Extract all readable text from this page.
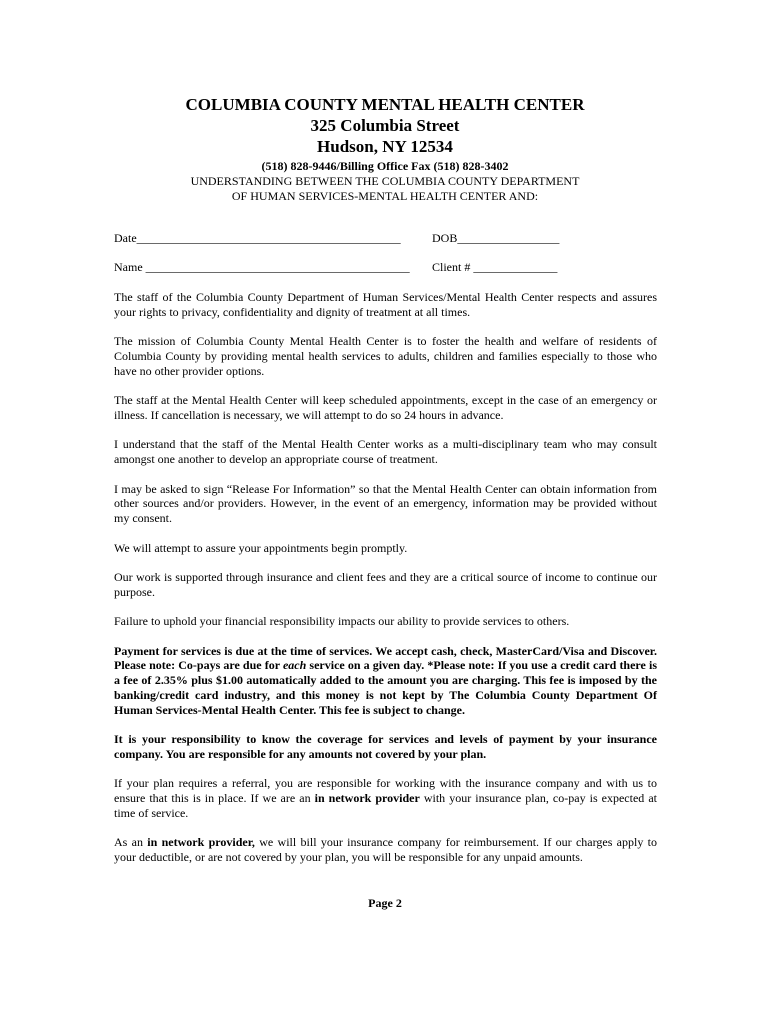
COLUMBIA COUNTY MENTAL HEALTH CENTER
325 Columbia Street
Hudson, NY 12534
(518) 828-9446/Billing Office Fax (518) 828-3402
UNDERSTANDING BETWEEN THE COLUMBIA COUNTY DEPARTMENT
OF HUMAN SERVICES-MENTAL HEALTH CENTER AND:
Date____________________________________________	DOB_________________
Name ____________________________________________ Client # ______________

The staff of the Columbia County Department of Human Services/Mental Health Center respects and assures your rights to privacy, confidentiality and dignity of treatment at all times.

The mission of Columbia County Mental Health Center is to foster the health and welfare of residents of Columbia County by providing mental health services to adults, children and families especially to those who have no other provider options.

The staff at the Mental Health Center will keep scheduled appointments, except in the case of an emergency or illness. If cancellation is necessary, we will attempt to do so 24 hours in advance.

I understand that the staff of the Mental Health Center works as a multi-disciplinary team who may consult amongst one another to develop an appropriate course of treatment.

I may be asked to sign “Release For Information” so that the Mental Health Center can obtain information from other sources and/or providers. However, in the event of an emergency, information may be provided without my consent.

We will attempt to assure your appointments begin promptly.

Our work is supported through insurance and client fees and they are a critical source of income to continue our purpose.

Failure to uphold your financial responsibility impacts our ability to provide services to others.

Payment for services is due at the time of services. We accept cash, check, MasterCard/Visa and Discover. Please note: Co-pays are due for each service on a given day. *Please note: If you use a credit card there is a fee of 2.35% plus $1.00 automatically added to the amount you are charging. This fee is imposed by the banking/credit card industry, and this money is not kept by The Columbia County Department Of Human Services-Mental Health Center. This fee is subject to change.

It is your responsibility to know the coverage for services and levels of payment by your insurance company. You are responsible for any amounts not covered by your plan.

If your plan requires a referral, you are responsible for working with the insurance company and with us to ensure that this is in place. If we are an in network provider with your insurance plan, co-pay is expected at time of service.

As an in network provider, we will bill your insurance company for reimbursement. If our charges apply to your deductible, or are not covered by your plan, you will be responsible for any unpaid amounts.

Page 2
